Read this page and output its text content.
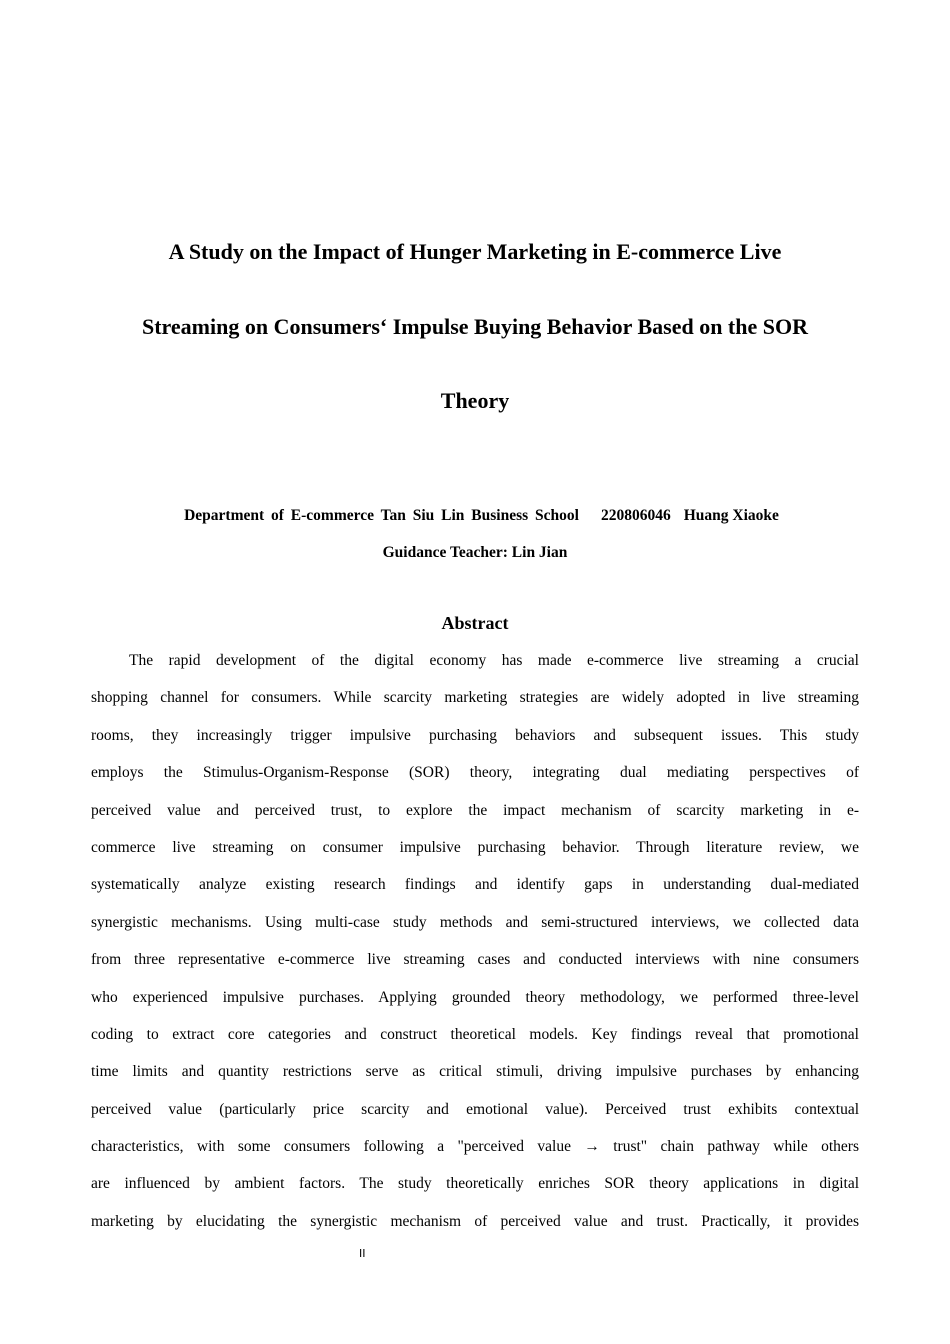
A Study on the Impact of Hunger Marketing in E-commerce Live
Streaming on Consumers‘ Impulse Buying Behavior Based on the SOR
Theory
Department of E-commerce Tan Siu Lin Business School 220806046 Huang Xiaoke
Guidance Teacher: Lin Jian
Abstract
The rapid development of the digital economy has made e-commerce live streaming a crucial
shopping channel for consumers. While scarcity marketing strategies are widely adopted in live streaming
rooms, they increasingly trigger impulsive purchasing behaviors and subsequent issues. This study
employs the Stimulus-Organism-Response (SOR) theory, integrating dual mediating perspectives of
perceived value and perceived trust, to explore the impact mechanism of scarcity marketing in e-
commerce live streaming on consumer impulsive purchasing behavior. Through literature review, we
systematically analyze existing research findings and identify gaps in understanding dual-mediated
synergistic mechanisms. Using multi-case study methods and semi-structured interviews, we collected data
from three representative e-commerce live streaming cases and conducted interviews with nine consumers
who experienced impulsive purchases. Applying grounded theory methodology, we performed three-level
coding to extract core categories and construct theoretical models. Key findings reveal that promotional
time limits and quantity restrictions serve as critical stimuli, driving impulsive purchases by enhancing
perceived value (particularly price scarcity and emotional value). Perceived trust exhibits contextual
characteristics, with some consumers following a "perceived value → trust" chain pathway while others
are influenced by ambient factors. The study theoretically enriches SOR theory applications in digital
marketing by elucidating the synergistic mechanism of perceived value and trust. Practically, it provides
II
